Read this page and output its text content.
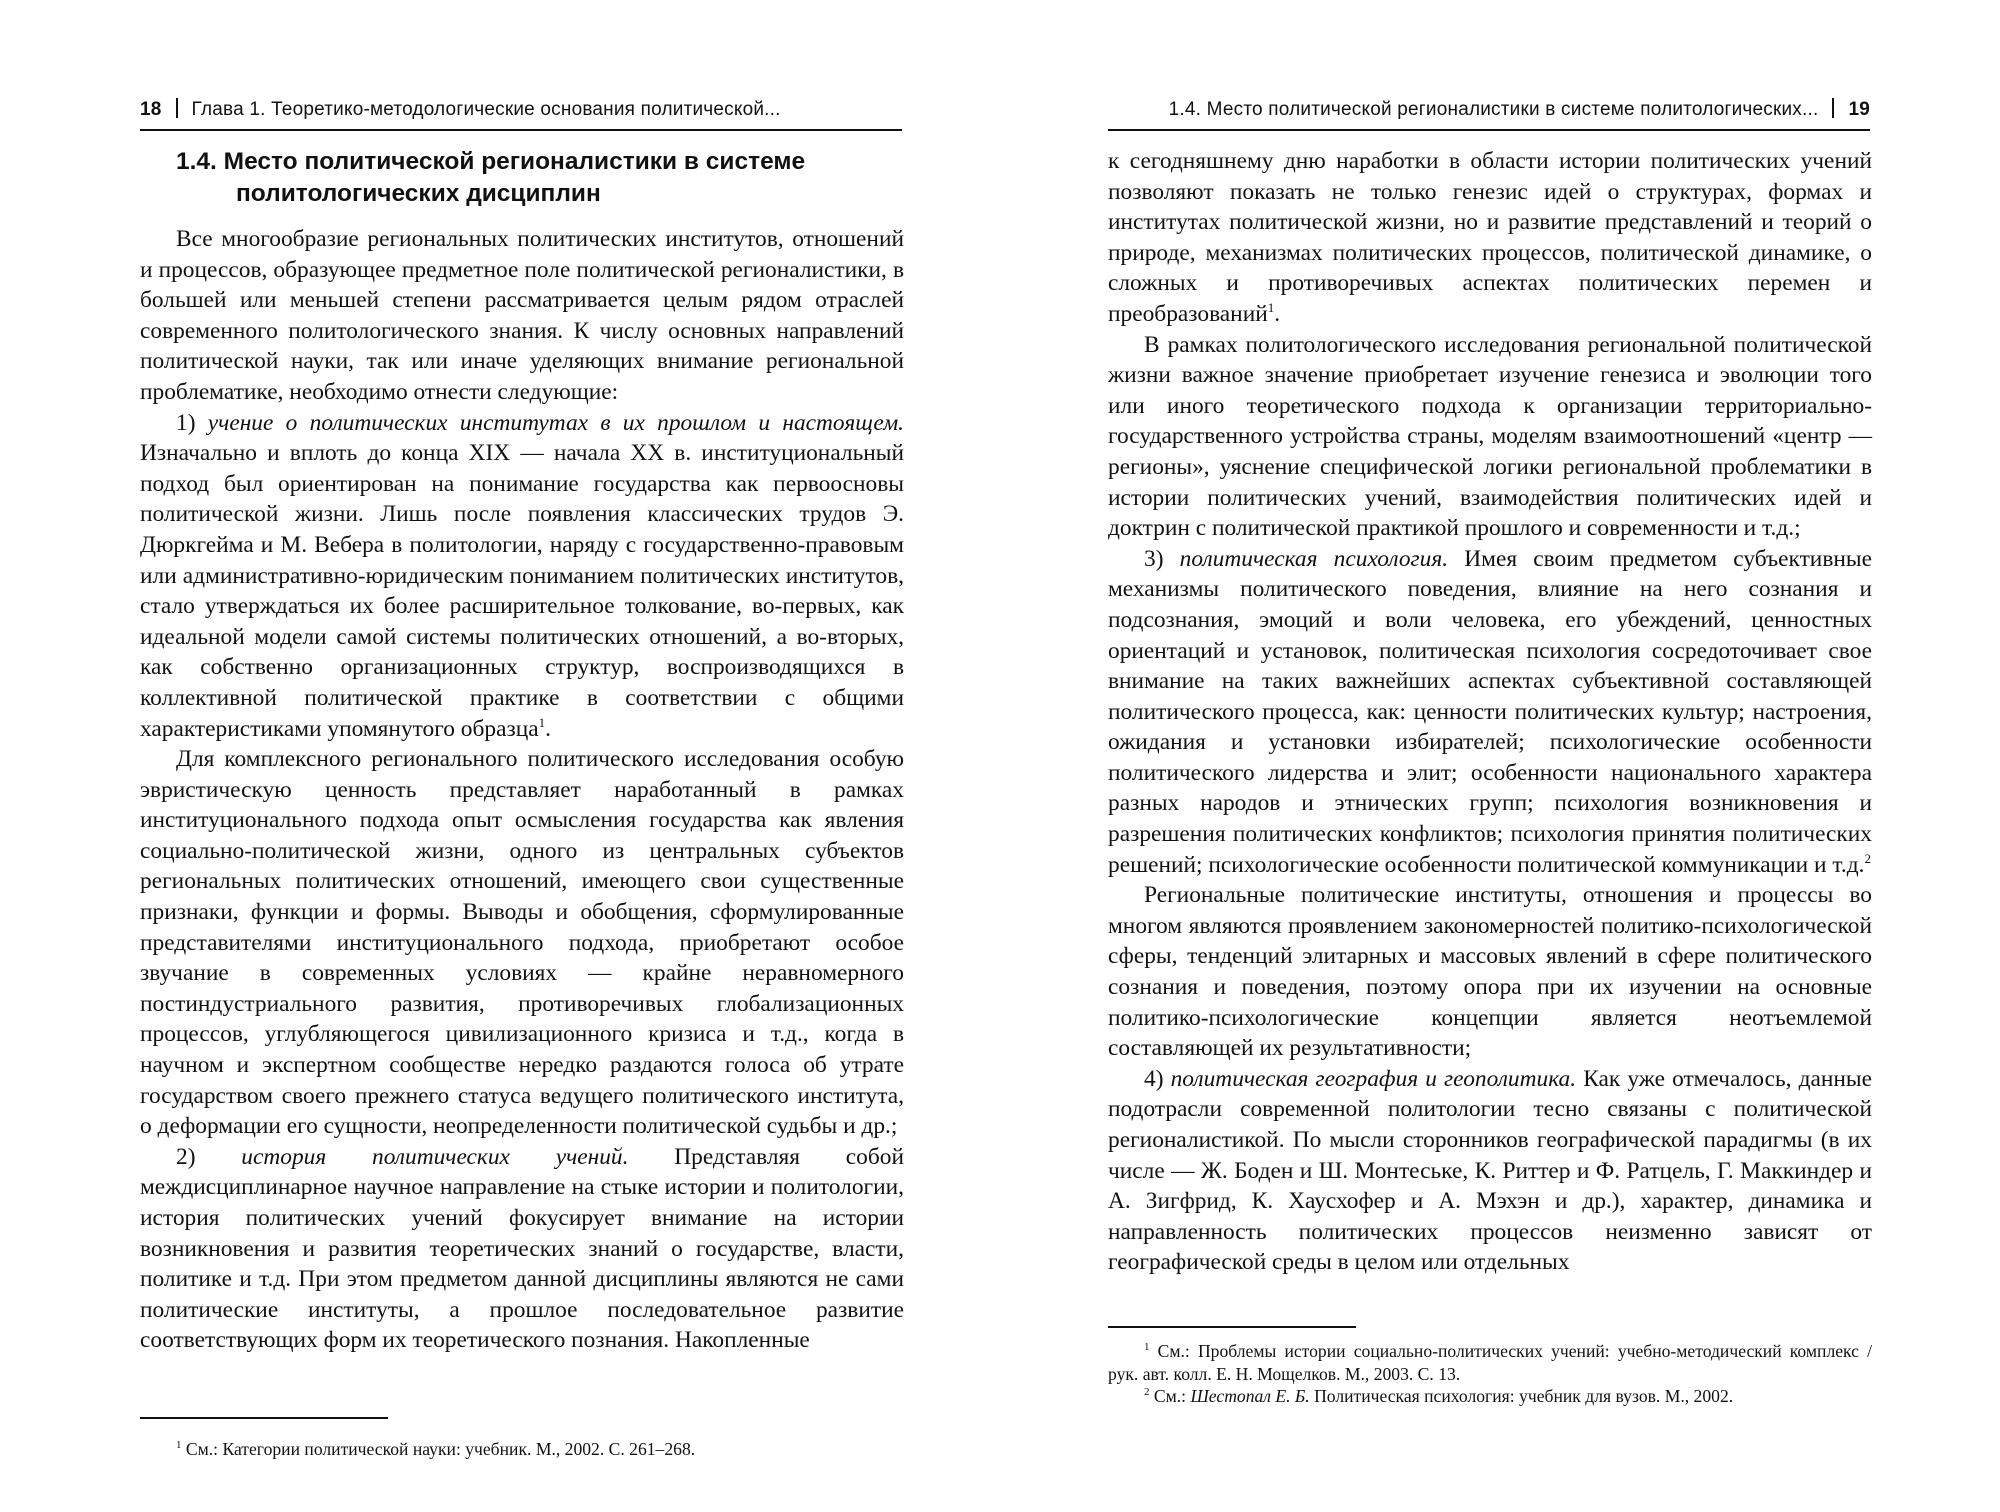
18 Глава 1. Теоретико-методологические основания политической...
1.4. Место политической регионалистики в системе
политологических дисциплин

Все многообразие региональных политических институтов, отношений и процессов, образующее предметное поле политической регионалистики, в большей или меньшей степени рассматривается целым рядом отраслей современного политологического знания. К числу основных направлений политической науки, так или иначе уделяющих внимание региональной проблематике, необходимо отнести следующие:

1) учение о политических институтах в их прошлом и настоящем. Изначально и вплоть до конца XIX — начала XX в. институциональный подход был ориентирован на понимание государства как первоосновы политической жизни. Лишь после появления классических трудов Э. Дюркгейма и М. Вебера в политологии, наряду с государственно-правовым или административно-юридическим пониманием политических институтов, стало утверждаться их более расширительное толкование, во-первых, как идеальной модели самой системы политических отношений, а во-вторых, как собственно организационных структур, воспроизводящихся в коллективной политической практике в соответствии с общими характеристиками упомянутого образца$^1$.

Для комплексного регионального политического исследования особую эвристическую ценность представляет наработанный в рамках институционального подхода опыт осмысления государства как явления социально-политической жизни, одного из центральных субъектов региональных политических отношений, имеющего свои существенные признаки, функции и формы. Выводы и обобщения, сформулированные представителями институционального подхода, приобретают особое звучание в современных условиях — крайне неравномерного постиндустриального развития, противоречивых глобализационных процессов, углубляющегося цивилизационного кризиса и т.д., когда в научном и экспертном сообществе нередко раздаются голоса об утрате государством своего прежнего статуса ведущего политического института, о деформации его сущности, неопределенности политической судьбы и др.;

2) история политических учений. Представляя собой междисциплинарное научное направление на стыке истории и политологии, история политических учений фокусирует внимание на истории возникновения и развития теоретических знаний о государстве, власти, политике и т.д. При этом предметом данной дисциплины являются не сами политические институты, а прошлое последовательное развитие соответствующих форм их теоретического познания. Накопленные

$^1$ См.: Категории политической науки: учебник. М., 2002. С. 261–268.

1.4. Место политической регионалистики в системе политологических... 19

к сегодняшнему дню наработки в области истории политических учений позволяют показать не только генезис идей о структурах, формах и институтах политической жизни, но и развитие представлений и теорий о природе, механизмах политических процессов, политической динамике, о сложных и противоречивых аспектах политических перемен и преобразований$^1$.

В рамках политологического исследования региональной политической жизни важное значение приобретает изучение генезиса и эволюции того или иного теоретического подхода к организации территориально-государственного устройства страны, моделям взаимоотношений «центр — регионы», уяснение специфической логики региональной проблематики в истории политических учений, взаимодействия политических идей и доктрин с политической практикой прошлого и современности и т.д.;

3) политическая психология. Имея своим предметом субъективные механизмы политического поведения, влияние на него сознания и подсознания, эмоций и воли человека, его убеждений, ценностных ориентаций и установок, политическая психология сосредоточивает свое внимание на таких важнейших аспектах субъективной составляющей политического процесса, как: ценности политических культур; настроения, ожидания и установки избирателей; психологические особенности политического лидерства и элит; особенности национального характера разных народов и этнических групп; психология возникновения и разрешения политических конфликтов; психология принятия политических решений; психологические особенности политической коммуникации и т.д.$^2$

Региональные политические институты, отношения и процессы во многом являются проявлением закономерностей политико-психологической сферы, тенденций элитарных и массовых явлений в сфере политического сознания и поведения, поэтому опора при их изучении на основные политико-психологические концепции является неотъемлемой составляющей их результативности;

4) политическая география и геополитика. Как уже отмечалось, данные подотрасли современной политологии тесно связаны с политической регионалистикой. По мысли сторонников географической парадигмы (в их числе — Ж. Боден и Ш. Монтеське, К. Риттер и Ф. Ратцель, Г. Маккиндер и А. Зигфрид, К. Хаусхофер и А. Мэхэн и др.), характер, динамика и направленность политических процессов неизменно зависят от географической среды в целом или отдельных

$^1$ См.: Проблемы истории социально-политических учений: учебно-методический комплекс / рук. авт. колл. Е. Н. Мощелков. М., 2003. С. 13.

$^2$ См.: Шестопал Е. Б. Политическая психология: учебник для вузов. М., 2002.
